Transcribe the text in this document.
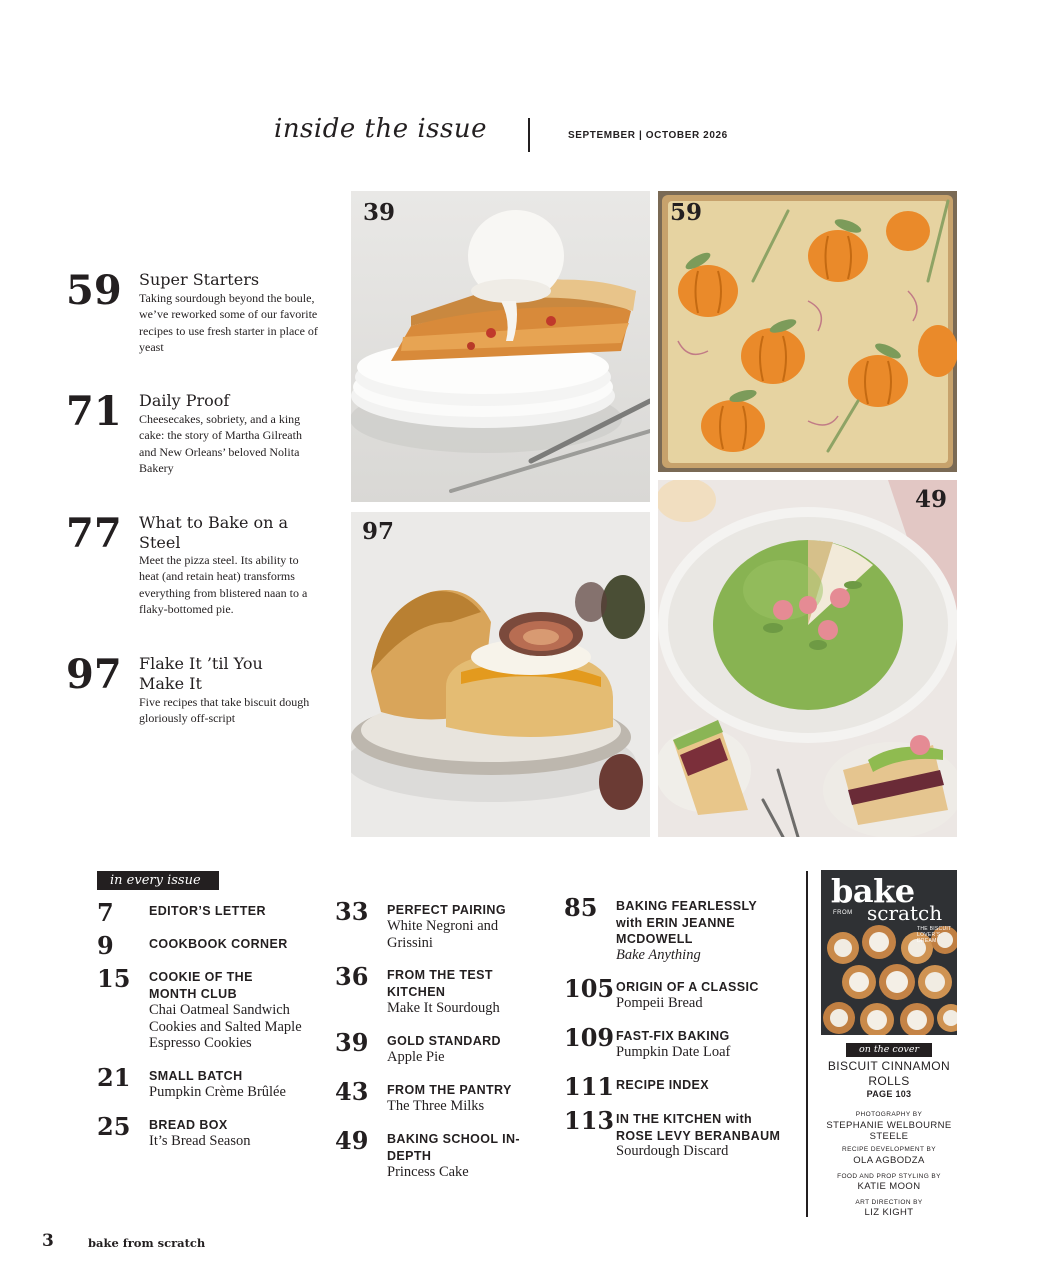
inside the issue	SEPTEMBER | OCTOBER 2026
59 Super Starters
Taking sourdough beyond the boule, we’ve reworked some of our favorite recipes to use fresh starter in place of yeast
71 Daily Proof
Cheesecakes, sobriety, and a king cake: the story of Martha Gilreath and New Orleans’ beloved Nolita Bakery
77 What to Bake on a Steel
Meet the pizza steel. Its ability to heat (and retain heat) transforms everything from blistered naan to a flaky-bottomed pie.
97 Flake It ’til You Make It
Five recipes that take biscuit dough gloriously off-script
39	59
97
49
in every issue
7	EDITOR’S LETTER
9	COOKBOOK CORNER
15 COOKIE OF THE MONTH CLUB
Chai Oatmeal Sandwich Cookies and Salted Maple Espresso Cookies
21 SMALL BATCH
Pumpkin Crème Brûlée
25 BREAD BOX
It’s Bread Season
33 PERFECT PAIRING
White Negroni and Grissini
36 FROM THE TEST KITCHEN
Make It Sourdough
39 GOLD STANDARD
Apple Pie
43 FROM THE PANTRY
The Three Milks
49 BAKING SCHOOL IN-DEPTH
Princess Cake
85 BAKING FEARLESSLY
with ERIN JEANNE MCDOWELL
Bake Anything
105 ORIGIN OF A CLASSIC
Pompeii Bread
109 FAST-FIX BAKING
Pumpkin Date Loaf
111 RECIPE INDEX
113 IN THE KITCHEN with
ROSE LEVY BERANBAUM
Sourdough Discard
bake
FROM scratch
THE BISCUIT LOVER’S DREAM
on the cover
BISCUIT CINNAMON ROLLS
PAGE 103
PHOTOGRAPHY BY
STEPHANIE WELBOURNE STEELE
RECIPE DEVELOPMENT BY
OLA AGBODZA
FOOD AND PROP STYLING BY
KATIE MOON
ART DIRECTION BY
LIZ KIGHT
3	bake from scratch
